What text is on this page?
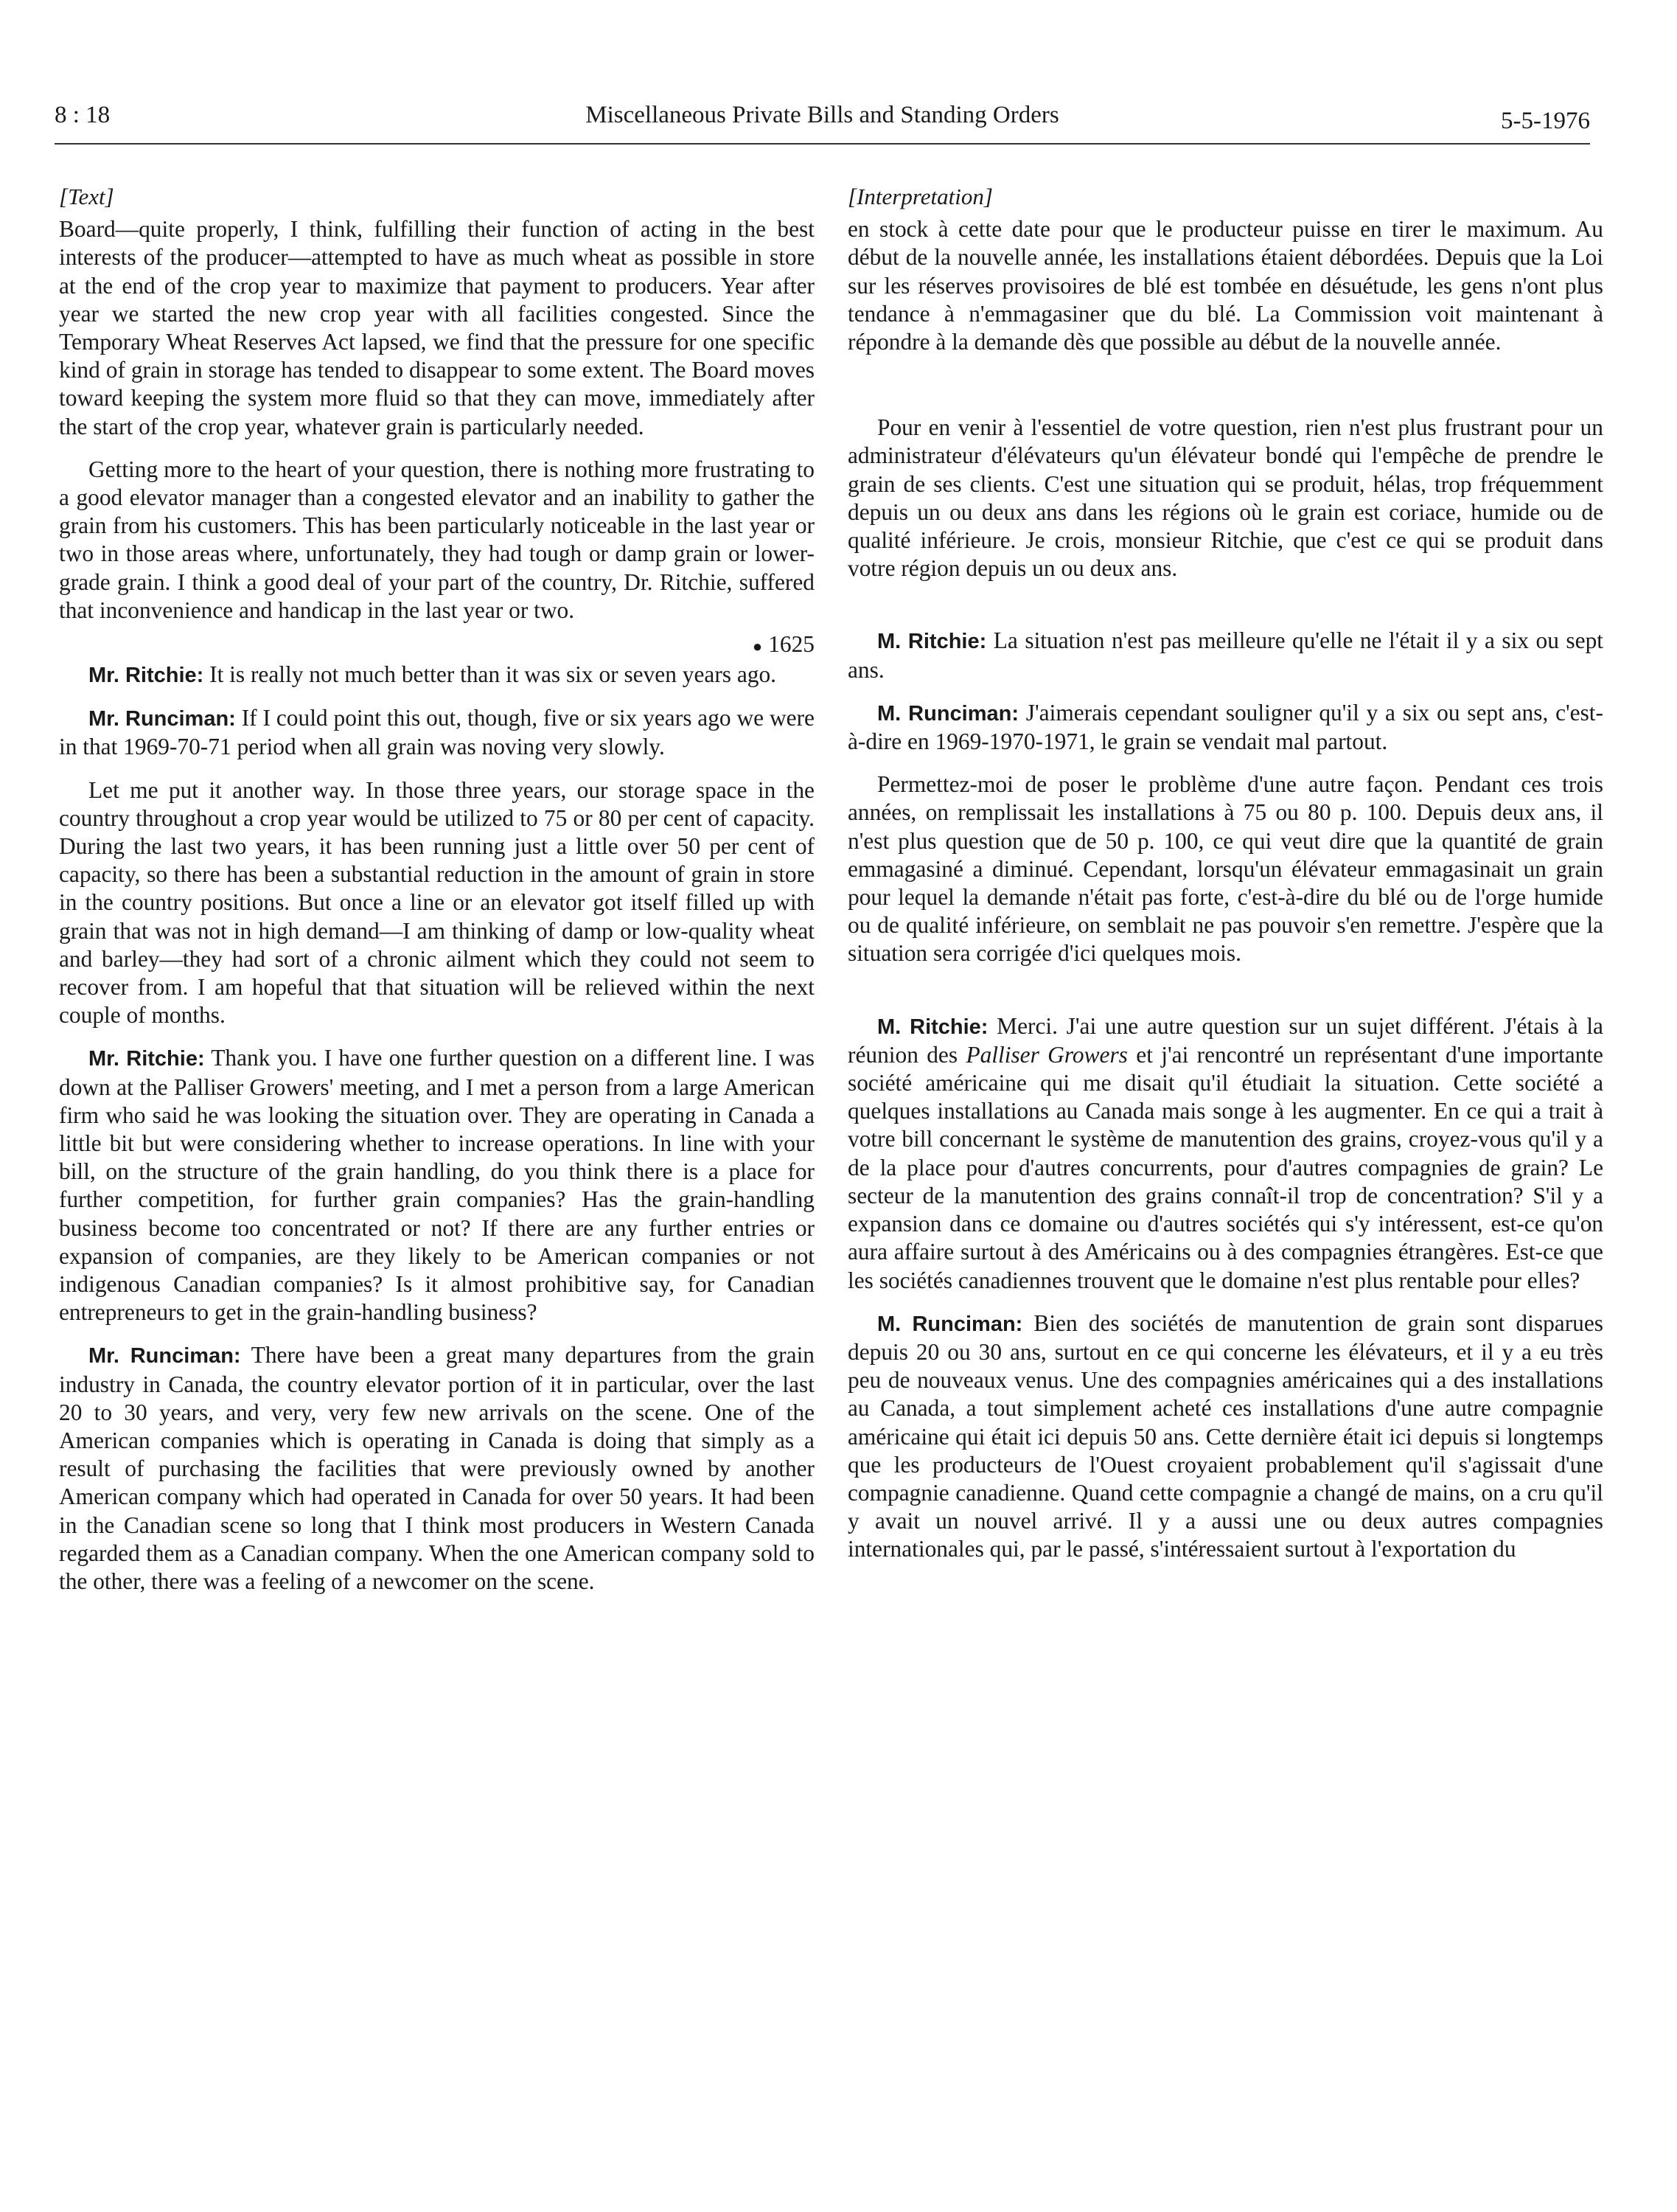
8 : 18	Miscellaneous Private Bills and Standing Orders	5-5-1976
[Text]

Board—quite properly, I think, fulfilling their function of acting in the best interests of the producer—attempted to have as much wheat as possible in store at the end of the crop year to maximize that payment to producers. Year after year we started the new crop year with all facilities congested. Since the Temporary Wheat Reserves Act lapsed, we find that the pressure for one specific kind of grain in storage has tended to disappear to some extent. The Board moves toward keeping the system more fluid so that they can move, immediately after the start of the crop year, whatever grain is particularly needed.

Getting more to the heart of your question, there is nothing more frustrating to a good elevator manager than a congested elevator and an inability to gather the grain from his customers. This has been particularly noticeable in the last year or two in those areas where, unfortunately, they had tough or damp grain or lower-grade grain. I think a good deal of your part of the country, Dr. Ritchie, suffered that inconvenience and handicap in the last year or two.

● 1625

Mr. Ritchie: It is really not much better than it was six or seven years ago.

Mr. Runciman: If I could point this out, though, five or six years ago we were in that 1969-70-71 period when all grain was noving very slowly.

Let me put it another way. In those three years, our storage space in the country throughout a crop year would be utilized to 75 or 80 per cent of capacity. During the last two years, it has been running just a little over 50 per cent of capacity, so there has been a substantial reduction in the amount of grain in store in the country positions. But once a line or an elevator got itself filled up with grain that was not in high demand—I am thinking of damp or low-quality wheat and barley—they had sort of a chronic ailment which they could not seem to recover from. I am hopeful that that situation will be relieved within the next couple of months.

Mr. Ritchie: Thank you. I have one further question on a different line. I was down at the Palliser Growers' meeting, and I met a person from a large American firm who said he was looking the situation over. They are operating in Canada a little bit but were considering whether to increase operations. In line with your bill, on the structure of the grain handling, do you think there is a place for further competition, for further grain companies? Has the grain-handling business become too concentrated or not? If there are any further entries or expansion of companies, are they likely to be American companies or not indigenous Canadian companies? Is it almost prohibitive say, for Canadian entrepreneurs to get in the grain-handling business?

Mr. Runciman: There have been a great many departures from the grain industry in Canada, the country elevator portion of it in particular, over the last 20 to 30 years, and very, very few new arrivals on the scene. One of the American companies which is operating in Canada is doing that simply as a result of purchasing the facilities that were previously owned by another American company which had operated in Canada for over 50 years. It had been in the Canadian scene so long that I think most producers in Western Canada regarded them as a Canadian company. When the one American company sold to the other, there was a feeling of a newcomer on the scene.

[Interpretation]

en stock à cette date pour que le producteur puisse en tirer le maximum. Au début de la nouvelle année, les installations étaient débordées. Depuis que la Loi sur les réserves provisoires de blé est tombée en désuétude, les gens n'ont plus tendance à n'emmagasiner que du blé. La Commission voit maintenant à répondre à la demande dès que possible au début de la nouvelle année.

Pour en venir à l'essentiel de votre question, rien n'est plus frustrant pour un administrateur d'élévateurs qu'un élévateur bondé qui l'empêche de prendre le grain de ses clients. C'est une situation qui se produit, hélas, trop fréquemment depuis un ou deux ans dans les régions où le grain est coriace, humide ou de qualité inférieure. Je crois, monsieur Ritchie, que c'est ce qui se produit dans votre région depuis un ou deux ans.

M. Ritchie: La situation n'est pas meilleure qu'elle ne l'était il y a six ou sept ans.

M. Runciman: J'aimerais cependant souligner qu'il y a six ou sept ans, c'est-à-dire en 1969-1970-1971, le grain se vendait mal partout.

Permettez-moi de poser le problème d'une autre façon. Pendant ces trois années, on remplissait les installations à 75 ou 80 p. 100. Depuis deux ans, il n'est plus question que de 50 p. 100, ce qui veut dire que la quantité de grain emmagasiné a diminué. Cependant, lorsqu'un élévateur emmagasinait un grain pour lequel la demande n'était pas forte, c'est-à-dire du blé ou de l'orge humide ou de qualité inférieure, on semblait ne pas pouvoir s'en remettre. J'espère que la situation sera corrigée d'ici quelques mois.

M. Ritchie: Merci. J'ai une autre question sur un sujet différent. J'étais à la réunion des Palliser Growers et j'ai rencontré un représentant d'une importante société américaine qui me disait qu'il étudiait la situation. Cette société a quelques installations au Canada mais songe à les augmenter. En ce qui a trait à votre bill concernant le système de manutention des grains, croyez-vous qu'il y a de la place pour d'autres concurrents, pour d'autres compagnies de grain? Le secteur de la manutention des grains connaît-il trop de concentration? S'il y a expansion dans ce domaine ou d'autres sociétés qui s'y intéressent, est-ce qu'on aura affaire surtout à des Américains ou à des compagnies étrangères. Est-ce que les sociétés canadiennes trouvent que le domaine n'est plus rentable pour elles?

M. Runciman: Bien des sociétés de manutention de grain sont disparues depuis 20 ou 30 ans, surtout en ce qui concerne les élévateurs, et il y a eu très peu de nouveaux venus. Une des compagnies américaines qui a des installations au Canada, a tout simplement acheté ces installations d'une autre compagnie américaine qui était ici depuis 50 ans. Cette dernière était ici depuis si longtemps que les producteurs de l'Ouest croyaient probablement qu'il s'agissait d'une compagnie canadienne. Quand cette compagnie a changé de mains, on a cru qu'il y avait un nouvel arrivé. Il y a aussi une ou deux autres compagnies internationales qui, par le passé, s'intéressaient surtout à l'exportation du
